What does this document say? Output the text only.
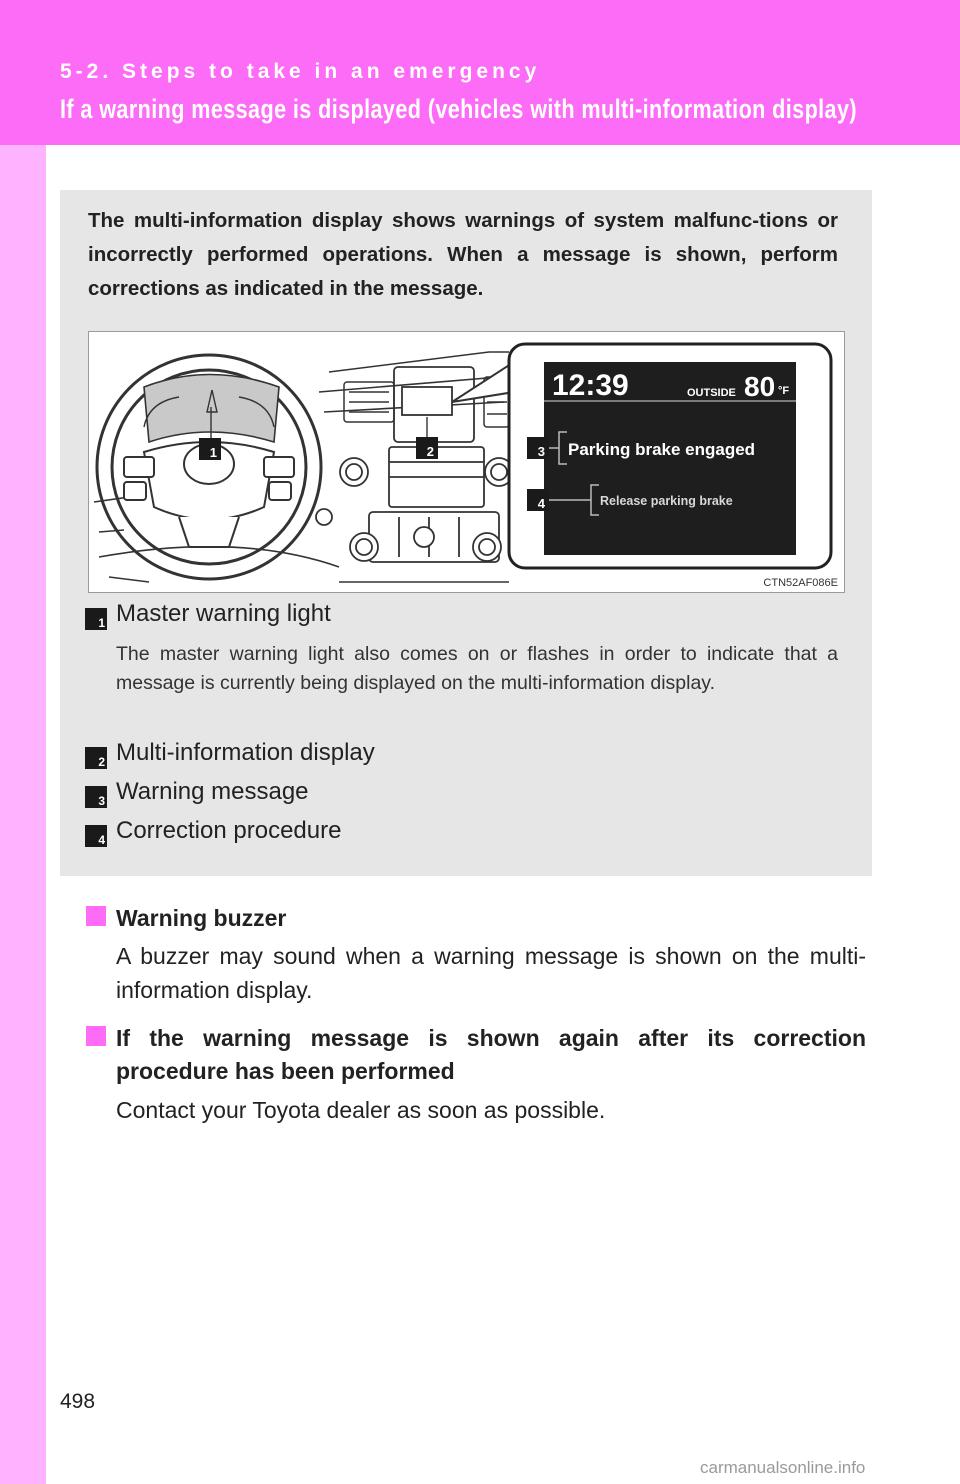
5-2. Steps to take in an emergency
If a warning message is displayed (vehicles with multi-information display)
The multi-information display shows warnings of system malfunc-tions or incorrectly performed operations. When a message is shown, perform corrections as indicated in the message.
1	2
12:39	OUTSIDE 80 °F
3 Parking brake engaged
4	Release parking brake
CTN52AF086E
1 Master warning light
The master warning light also comes on or flashes in order to indicate that a message is currently being displayed on the multi-information display.
2 Multi-information display
3 Warning message
4 Correction procedure
Warning buzzer
A buzzer may sound when a warning message is shown on the multi-information display.
If the warning message is shown again after its correction procedure has been performed
Contact your Toyota dealer as soon as possible.
498
carmanualsonline.info
